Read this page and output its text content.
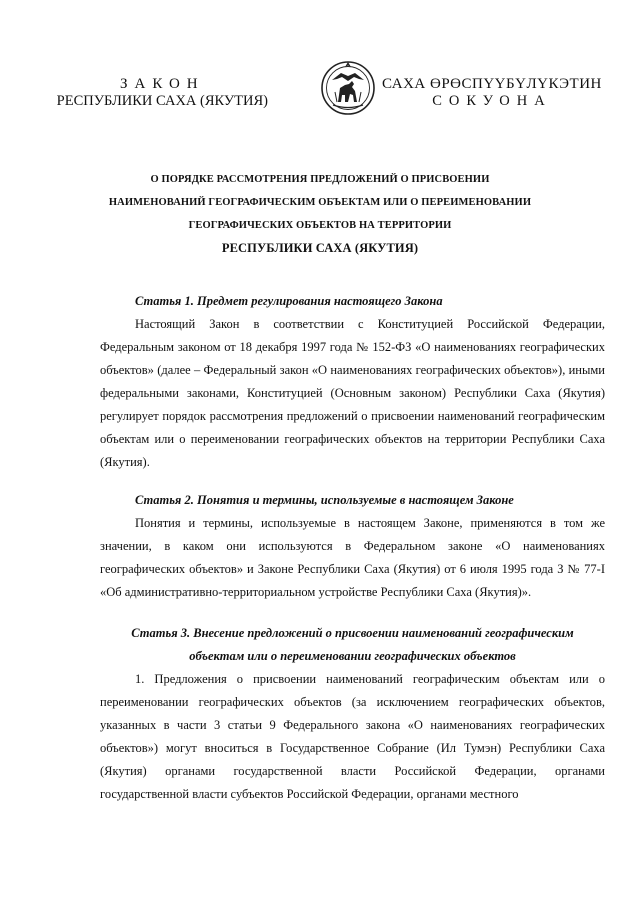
ЗАКОН
РЕСПУБЛИКИ САХА (ЯКУТИЯ)
САХА ӨРӨСПҮҮБҮЛҮКЭТИН
СОКУОНА
О ПОРЯДКЕ РАССМОТРЕНИЯ ПРЕДЛОЖЕНИЙ О ПРИСВОЕНИИ
НАИМЕНОВАНИЙ ГЕОГРАФИЧЕСКИМ ОБЪЕКТАМ ИЛИ О ПЕРЕИМЕНОВАНИИ
ГЕОГРАФИЧЕСКИХ ОБЪЕКТОВ НА ТЕРРИТОРИИ
РЕСПУБЛИКИ САХА (ЯКУТИЯ)

Статья 1. Предмет регулирования настоящего Закона

Настоящий Закон в соответствии с Конституцией Российской Федерации, Федеральным законом от 18 декабря 1997 года № 152-ФЗ «О наименованиях географических объектов» (далее – Федеральный закон «О наименованиях географических объектов»), иными федеральными законами, Конституцией (Основным законом) Республики Саха (Якутия) регулирует порядок рассмотрения предложений о присвоении наименований географическим объектам или о переименовании географических объектов на территории Республики Саха (Якутия).

Статья 2. Понятия и термины, используемые в настоящем Законе

Понятия и термины, используемые в настоящем Законе, применяются в том же значении, в каком они используются в Федеральном законе «О наименованиях географических объектов» и Законе Республики Саха (Якутия) от 6 июля 1995 года З № 77-I «Об административно-территориальном устройстве Республики Саха (Якутия)».

Статья 3. Внесение предложений о присвоении наименований географическим

объектам или о переименовании географических объектов

1. Предложения о присвоении наименований географическим объектам или о переименовании географических объектов (за исключением географических объектов, указанных в части 3 статьи 9 Федерального закона «О наименованиях географических объектов») могут вноситься в Государственное Собрание (Ил Тумэн) Республики Саха (Якутия) органами государственной власти Российской Федерации, органами государственной власти субъектов Российской Федерации, органами местного
